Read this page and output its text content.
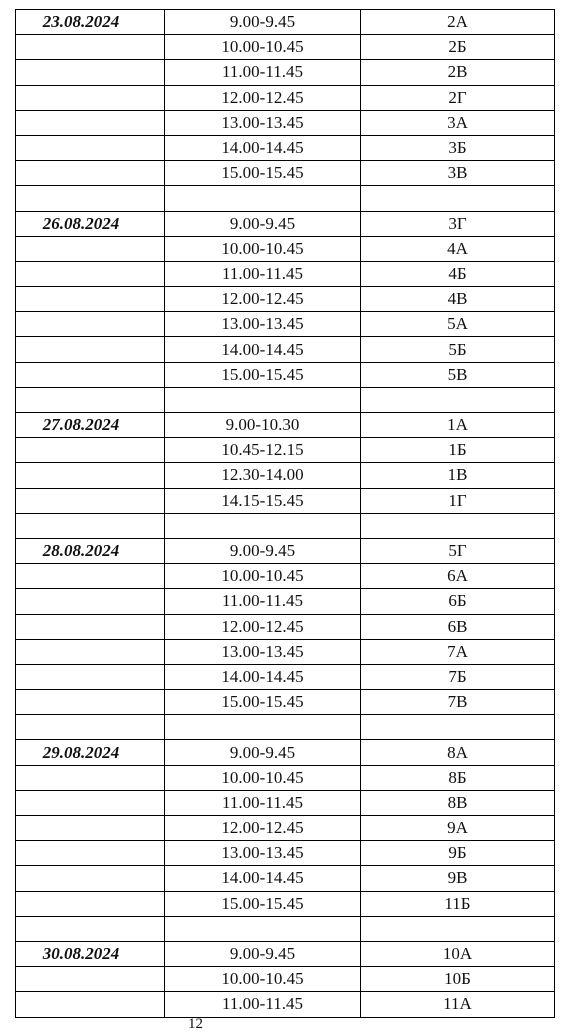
23.08.2024	9.00-9.45	2А
	10.00-10.45	2Б
	11.00-11.45	2В
	12.00-12.45	2Г
	13.00-13.45	3А
	14.00-14.45	3Б
	15.00-15.45	3В

26.08.2024	9.00-9.45	3Г
	10.00-10.45	4А
	11.00-11.45	4Б
	12.00-12.45	4В
	13.00-13.45	5А
	14.00-14.45	5Б
	15.00-15.45	5В

27.08.2024	9.00-10.30	1А
	10.45-12.15	1Б
	12.30-14.00	1В
	14.15-15.45	1Г

28.08.2024	9.00-9.45	5Г
	10.00-10.45	6А
	11.00-11.45	6Б
	12.00-12.45	6В
	13.00-13.45	7А
	14.00-14.45	7Б
	15.00-15.45	7В

29.08.2024	9.00-9.45	8А
	10.00-10.45	8Б
	11.00-11.45	8В
	12.00-12.45	9А
	13.00-13.45	9Б
	14.00-14.45	9В
	15.00-15.45	11Б

30.08.2024	9.00-9.45	10А
	10.00-10.45	10Б
	11.00-11.45	11А
12
